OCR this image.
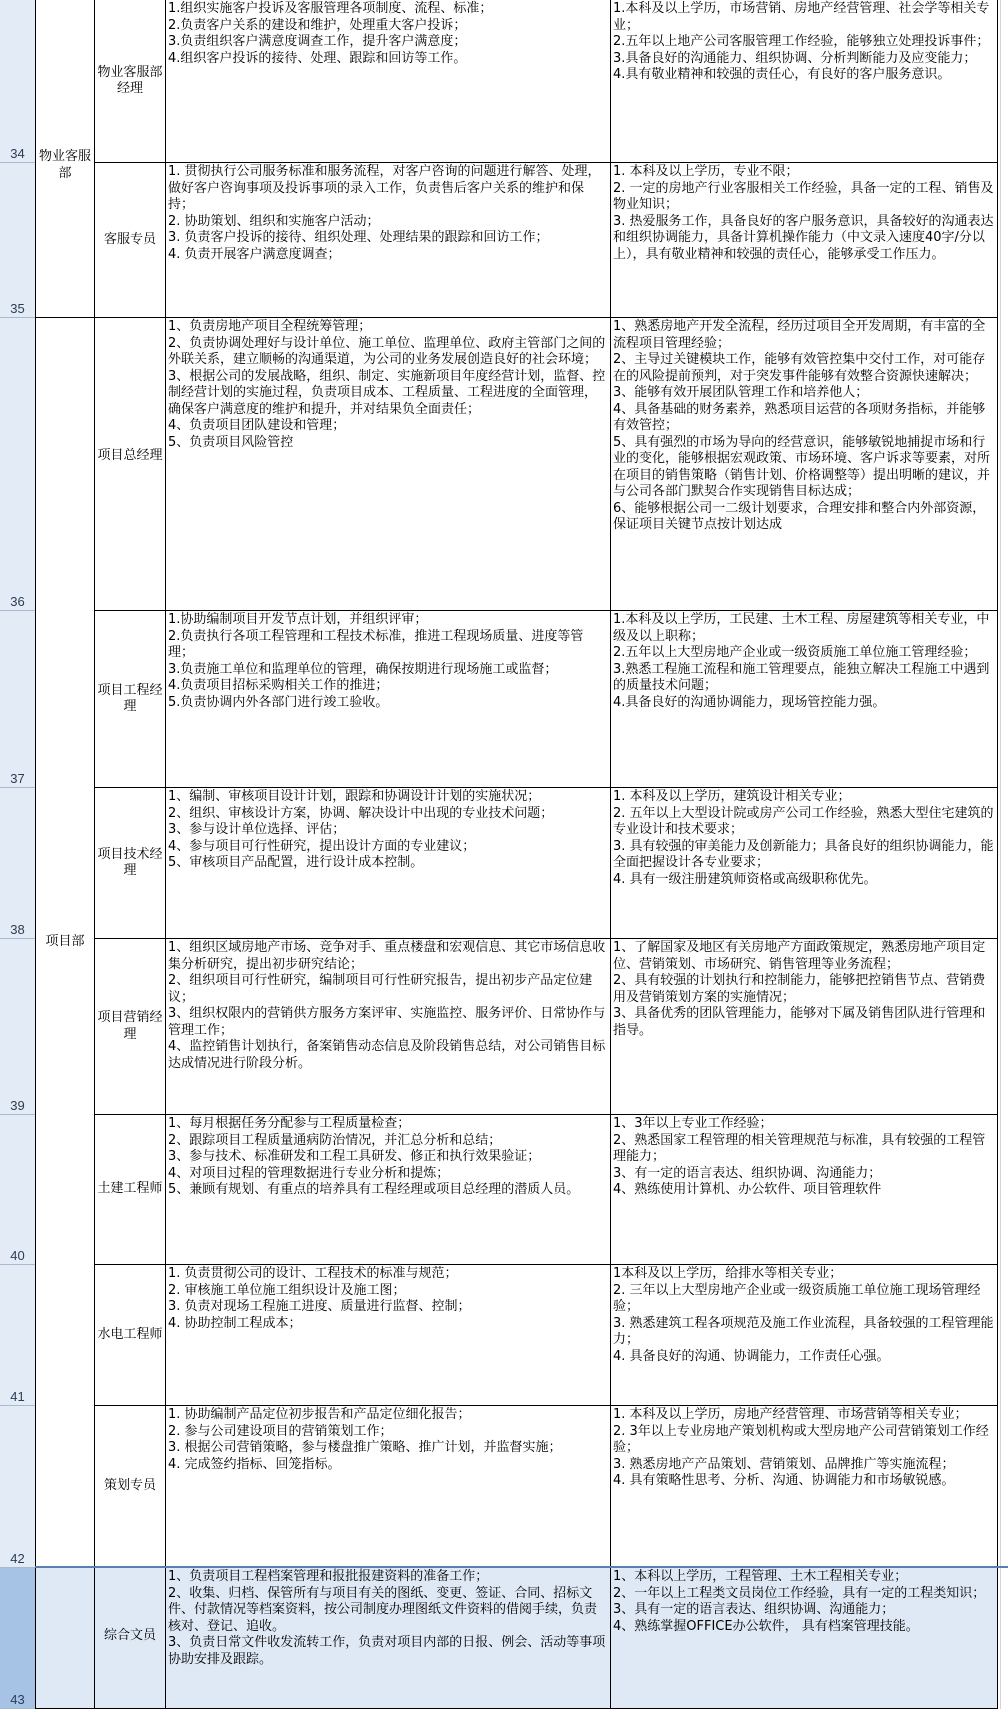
34
35
36
37
38
39
40
41
42
43
物业客服部
项目部
物业客服部经理
1.组织实施客户投诉及客服管理各项制度、流程、标准；
2.负责客户关系的建设和维护，处理重大客户投诉；
3.负责组织客户满意度调查工作，提升客户满意度；
4.组织客户投诉的接待、处理、跟踪和回访等工作。
1.本科及以上学历，市场营销、房地产经营管理、社会学等相关专业；
2.五年以上地产公司客服管理工作经验，能够独立处理投诉事件；
3.具备良好的沟通能力、组织协调、分析判断能力及应变能力；
4.具有敬业精神和较强的责任心，有良好的客户服务意识。
客服专员
1. 贯彻执行公司服务标准和服务流程，对客户咨询的问题进行解答、处理，做好客户咨询事项及投诉事项的录入工作，负责售后客户关系的维护和保持；
2. 协助策划、组织和实施客户活动；
3. 负责客户投诉的接待、组织处理、处理结果的跟踪和回访工作；
4. 负责开展客户满意度调查；
1. 本科及以上学历，专业不限；
2. 一定的房地产行业客服相关工作经验，具备一定的工程、销售及物业知识；
3. 热爱服务工作，具备良好的客户服务意识，具备较好的沟通表达和组织协调能力，具备计算机操作能力（中文录入速度40字/分以上），具有敬业精神和较强的责任心，能够承受工作压力。
项目总经理
1、负责房地产项目全程统筹管理；
2、负责协调处理好与设计单位、施工单位、监理单位、政府主管部门之间的外联关系，建立顺畅的沟通渠道，为公司的业务发展创造良好的社会环境；
3、根据公司的发展战略，组织、制定、实施新项目年度经营计划，监督、控制经营计划的实施过程，负责项目成本、工程质量、工程进度的全面管理，确保客户满意度的维护和提升，并对结果负全面责任；
4、负责项目团队建设和管理；
5、负责项目风险管控
1、熟悉房地产开发全流程，经历过项目全开发周期，有丰富的全流程项目管理经验；
2、主导过关键模块工作，能够有效管控集中交付工作，对可能存在的风险提前预判，对于突发事件能够有效整合资源快速解决；
3、能够有效开展团队管理工作和培养他人；
4、具备基础的财务素养，熟悉项目运营的各项财务指标，并能够有效管控；
5、具有强烈的市场为导向的经营意识，能够敏锐地捕捉市场和行业的变化，能够根据宏观政策、市场环境、客户诉求等要素，对所在项目的销售策略（销售计划、价格调整等）提出明晰的建议，并与公司各部门默契合作实现销售目标达成；
6、能够根据公司一二级计划要求，合理安排和整合内外部资源，保证项目关键节点按计划达成
项目工程经理
1.协助编制项目开发节点计划，并组织评审；
2.负责执行各项工程管理和工程技术标准，推进工程现场质量、进度等管理；
3.负责施工单位和监理单位的管理，确保按期进行现场施工或监督；
4.负责项目招标采购相关工作的推进；
5.负责协调内外各部门进行竣工验收。
1.本科及以上学历，工民建、土木工程、房屋建筑等相关专业，中级及以上职称；
2.五年以上大型房地产企业或一级资质施工单位施工管理经验；
3.熟悉工程施工流程和施工管理要点，能独立解决工程施工中遇到的质量技术问题；
4.具备良好的沟通协调能力，现场管控能力强。
项目技术经理
1、编制、审核项目设计计划，跟踪和协调设计计划的实施状况；
2、组织、审核设计方案，协调、解决设计中出现的专业技术问题；
3、参与设计单位选择、评估；
4、参与项目可行性研究，提出设计方面的专业建议；
5、审核项目产品配置，进行设计成本控制。
1. 本科及以上学历，建筑设计相关专业；
2. 五年以上大型设计院或房产公司工作经验，熟悉大型住宅建筑的专业设计和技术要求；
3. 具有较强的审美能力及创新能力；具备良好的组织协调能力，能全面把握设计各专业要求；
4. 具有一级注册建筑师资格或高级职称优先。
项目营销经理
1、组织区域房地产市场、竞争对手、重点楼盘和宏观信息、其它市场信息收集分析研究，提出初步研究结论；
2、组织项目可行性研究，编制项目可行性研究报告，提出初步产品定位建议；
3、组织权限内的营销供方服务方案评审、实施监控、服务评价、日常协作与管理工作；
4、监控销售计划执行，备案销售动态信息及阶段销售总结，对公司销售目标达成情况进行阶段分析。
1、了解国家及地区有关房地产方面政策规定，熟悉房地产项目定位、营销策划、市场研究、销售管理等业务流程；
2、具有较强的计划执行和控制能力，能够把控销售节点、营销费用及营销策划方案的实施情况；
3、具备优秀的团队管理能力，能够对下属及销售团队进行管理和指导。
土建工程师
1、每月根据任务分配参与工程质量检查；
2、跟踪项目工程质量通病防治情况，并汇总分析和总结；
3、参与技术、标准研发和工程工具研发、修正和执行效果验证；
4、对项目过程的管理数据进行专业分析和提炼；
5、兼顾有规划、有重点的培养具有工程经理或项目总经理的潜质人员。
1、3年以上专业工作经验；
2、熟悉国家工程管理的相关管理规范与标准，具有较强的工程管理能力；
3、有一定的语言表达、组织协调、沟通能力；
4、熟练使用计算机、办公软件、项目管理软件
水电工程师
1. 负责贯彻公司的设计、工程技术的标准与规范；
2. 审核施工单位施工组织设计及施工图；
3. 负责对现场工程施工进度、质量进行监督、控制；
4. 协助控制工程成本；
1本科及以上学历，给排水等相关专业；
2. 三年以上大型房地产企业或一级资质施工单位施工现场管理经验；
3. 熟悉建筑工程各项规范及施工作业流程，具备较强的工程管理能力；
4. 具备良好的沟通、协调能力，工作责任心强。
策划专员
1. 协助编制产品定位初步报告和产品定位细化报告；
2. 参与公司建设项目的营销策划工作；
3. 根据公司营销策略，参与楼盘推广策略、推广计划，并监督实施；
4. 完成签约指标、回笼指标。
1. 本科及以上学历，房地产经营管理、市场营销等相关专业；
2. 3年以上专业房地产策划机构或大型房地产公司营销策划工作经验；
3. 熟悉房地产产品策划、营销策划、品牌推广等实施流程；
4. 具有策略性思考、分析、沟通、协调能力和市场敏锐感。
综合文员
1、负责项目工程档案管理和报批报建资料的准备工作；
2、收集、归档、保管所有与项目有关的图纸、变更、签证、合同、招标文件、付款情况等档案资料，按公司制度办理图纸文件资料的借阅手续，负责核对、登记、追收。
3、负责日常文件收发流转工作，负责对项目内部的日报、例会、活动等事项协助安排及跟踪。
1、本科以上学历，工程管理、土木工程相关专业；
2、一年以上工程类文员岗位工作经验，具有一定的工程类知识；
3、具有一定的语言表达、组织协调、沟通能力；
4、熟练掌握OFFICE办公软件， 具有档案管理技能。
